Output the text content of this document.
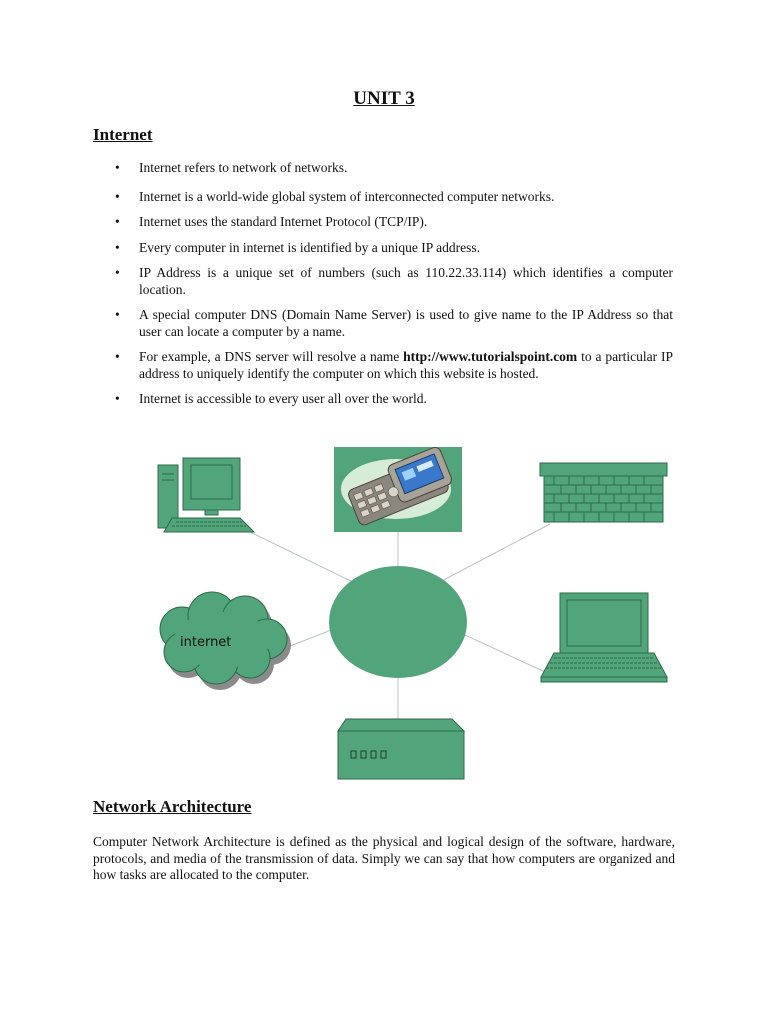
UNIT 3
Internet
• Internet refers to network of networks.
• Internet is a world-wide global system of interconnected computer networks.
• Internet uses the standard Internet Protocol (TCP/IP).
• Every computer in internet is identified by a unique IP address.
• IP Address is a unique set of numbers (such as 110.22.33.114) which identifies a computer location.
• A special computer DNS (Domain Name Server) is used to give name to the IP Address so that user can locate a computer by a name.
• For example, a DNS server will resolve a name http://www.tutorialspoint.com to a particular IP address to uniquely identify the computer on which this website is hosted.
• Internet is accessible to every user all over the world.
internet
Network Architecture

Computer Network Architecture is defined as the physical and logical design of the software, hardware, protocols, and media of the transmission of data. Simply we can say that how computers are organized and how tasks are allocated to the computer.
